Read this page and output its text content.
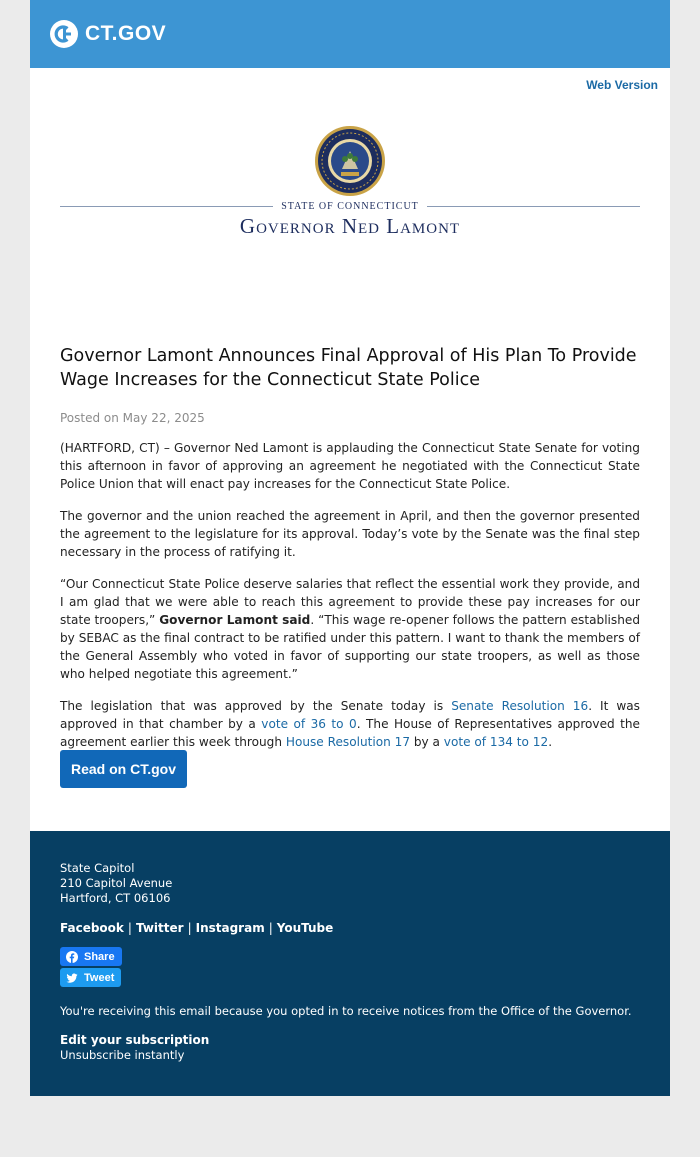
CT.GOV
Web Version
STATE OF CONNECTICUT
Governor Ned Lamont
Governor Lamont Announces Final Approval of His Plan To Provide Wage Increases for the Connecticut State Police
Posted on May 22, 2025

(HARTFORD, CT) – Governor Ned Lamont is applauding the Connecticut State Senate for voting this afternoon in favor of approving an agreement he negotiated with the Connecticut State Police Union that will enact pay increases for the Connecticut State Police.

The governor and the union reached the agreement in April, and then the governor presented the agreement to the legislature for its approval. Today’s vote by the Senate was the final step necessary in the process of ratifying it.

“Our Connecticut State Police deserve salaries that reflect the essential work they provide, and I am glad that we were able to reach this agreement to provide these pay increases for our state troopers,” Governor Lamont said. “This wage re-opener follows the pattern established by SEBAC as the final contract to be ratified under this pattern. I want to thank the members of the General Assembly who voted in favor of supporting our state troopers, as well as those who helped negotiate this agreement.”

The legislation that was approved by the Senate today is Senate Resolution 16. It was approved in that chamber by a vote of 36 to 0. The House of Representatives approved the agreement earlier this week through House Resolution 17 by a vote of 134 to 12.

Read on CT.gov
State Capitol
210 Capitol Avenue
Hartford, CT 06106
Facebook | Twitter | Instagram | YouTube
Share
Tweet
You're receiving this email because you opted in to receive notices from the Office of the Governor.
Edit your subscription
Unsubscribe instantly
